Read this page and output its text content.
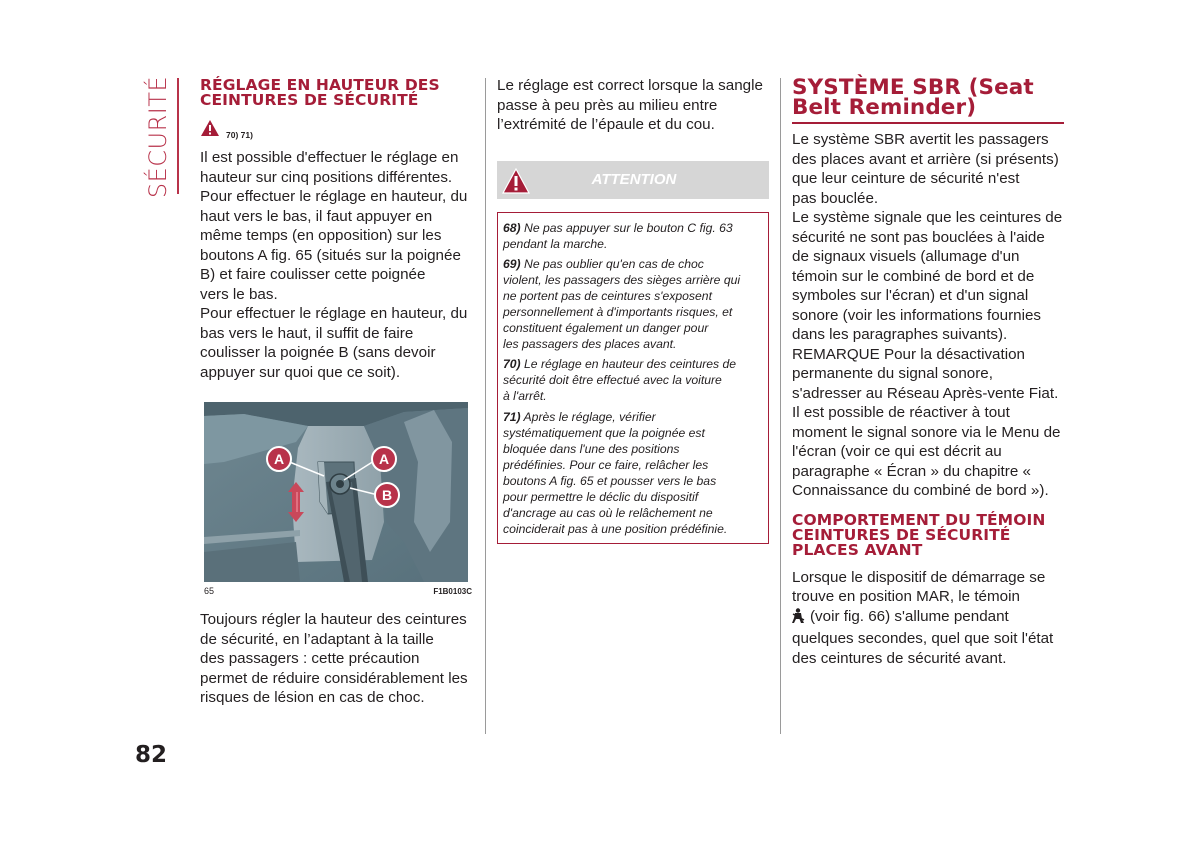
SÉCURITÉ RÉGLAGE EN HAUTEUR DES CEINTURES DE SÉCURITÉ
70) 71)

Il est possible d'effectuer le réglage en
hauteur sur cinq positions différentes.
Pour effectuer le réglage en hauteur, du
haut vers le bas, il faut appuyer en
même temps (en opposition) sur les
boutons A fig. 65 (situés sur la poignée
B) et faire coulisser cette poignée
vers le bas.
Pour effectuer le réglage en hauteur, du
bas vers le haut, il suffit de faire
coulisser la poignée B (sans devoir
appuyer sur quoi que ce soit).

A	A
B
65	F1B0103C

Toujours régler la hauteur des ceintures
de sécurité, en l’adaptant à la taille
des passagers : cette précaution
permet de réduire considérablement les
risques de lésion en cas de choc.

Le réglage est correct lorsque la sangle
passe à peu près au milieu entre
l’extrémité de l’épaule et du cou.

ATTENTION

68) Ne pas appuyer sur le bouton C fig. 63
pendant la marche.

69) Ne pas oublier qu'en cas de choc
violent, les passagers des sièges arrière qui
ne portent pas de ceintures s'exposent
personnellement à d'importants risques, et
constituent également un danger pour
les passagers des places avant.

70) Le réglage en hauteur des ceintures de
sécurité doit être effectué avec la voiture
à l'arrêt.

71) Après le réglage, vérifier
systématiquement que la poignée est
bloquée dans l'une des positions
prédéfinies. Pour ce faire, relâcher les
boutons A fig. 65 et pousser vers le bas
pour permettre le déclic du dispositif
d'ancrage au cas où le relâchement ne
coinciderait pas à une position prédéfinie.

SYSTÈME SBR (Seat Belt Reminder)

Le système SBR avertit les passagers
des places avant et arrière (si présents)
que leur ceinture de sécurité n'est
pas bouclée.
Le système signale que les ceintures de
sécurité ne sont pas bouclées à l'aide
de signaux visuels (allumage d'un
témoin sur le combiné de bord et de
symboles sur l'écran) et d'un signal
sonore (voir les informations fournies
dans les paragraphes suivants).
REMARQUE Pour la désactivation
permanente du signal sonore,
s'adresser au Réseau Après-vente Fiat.
Il est possible de réactiver à tout
moment le signal sonore via le Menu de
l'écran (voir ce qui est décrit au
paragraphe « Écran » du chapitre «
Connaissance du combiné de bord »).

COMPORTEMENT DU TÉMOIN CEINTURES DE SÉCURITÉ PLACES AVANT

Lorsque le dispositif de démarrage se
trouve en position MAR, le témoin
(voir fig. 66) s'allume pendant
quelques secondes, quel que soit l'état
des ceintures de sécurité avant.

82
